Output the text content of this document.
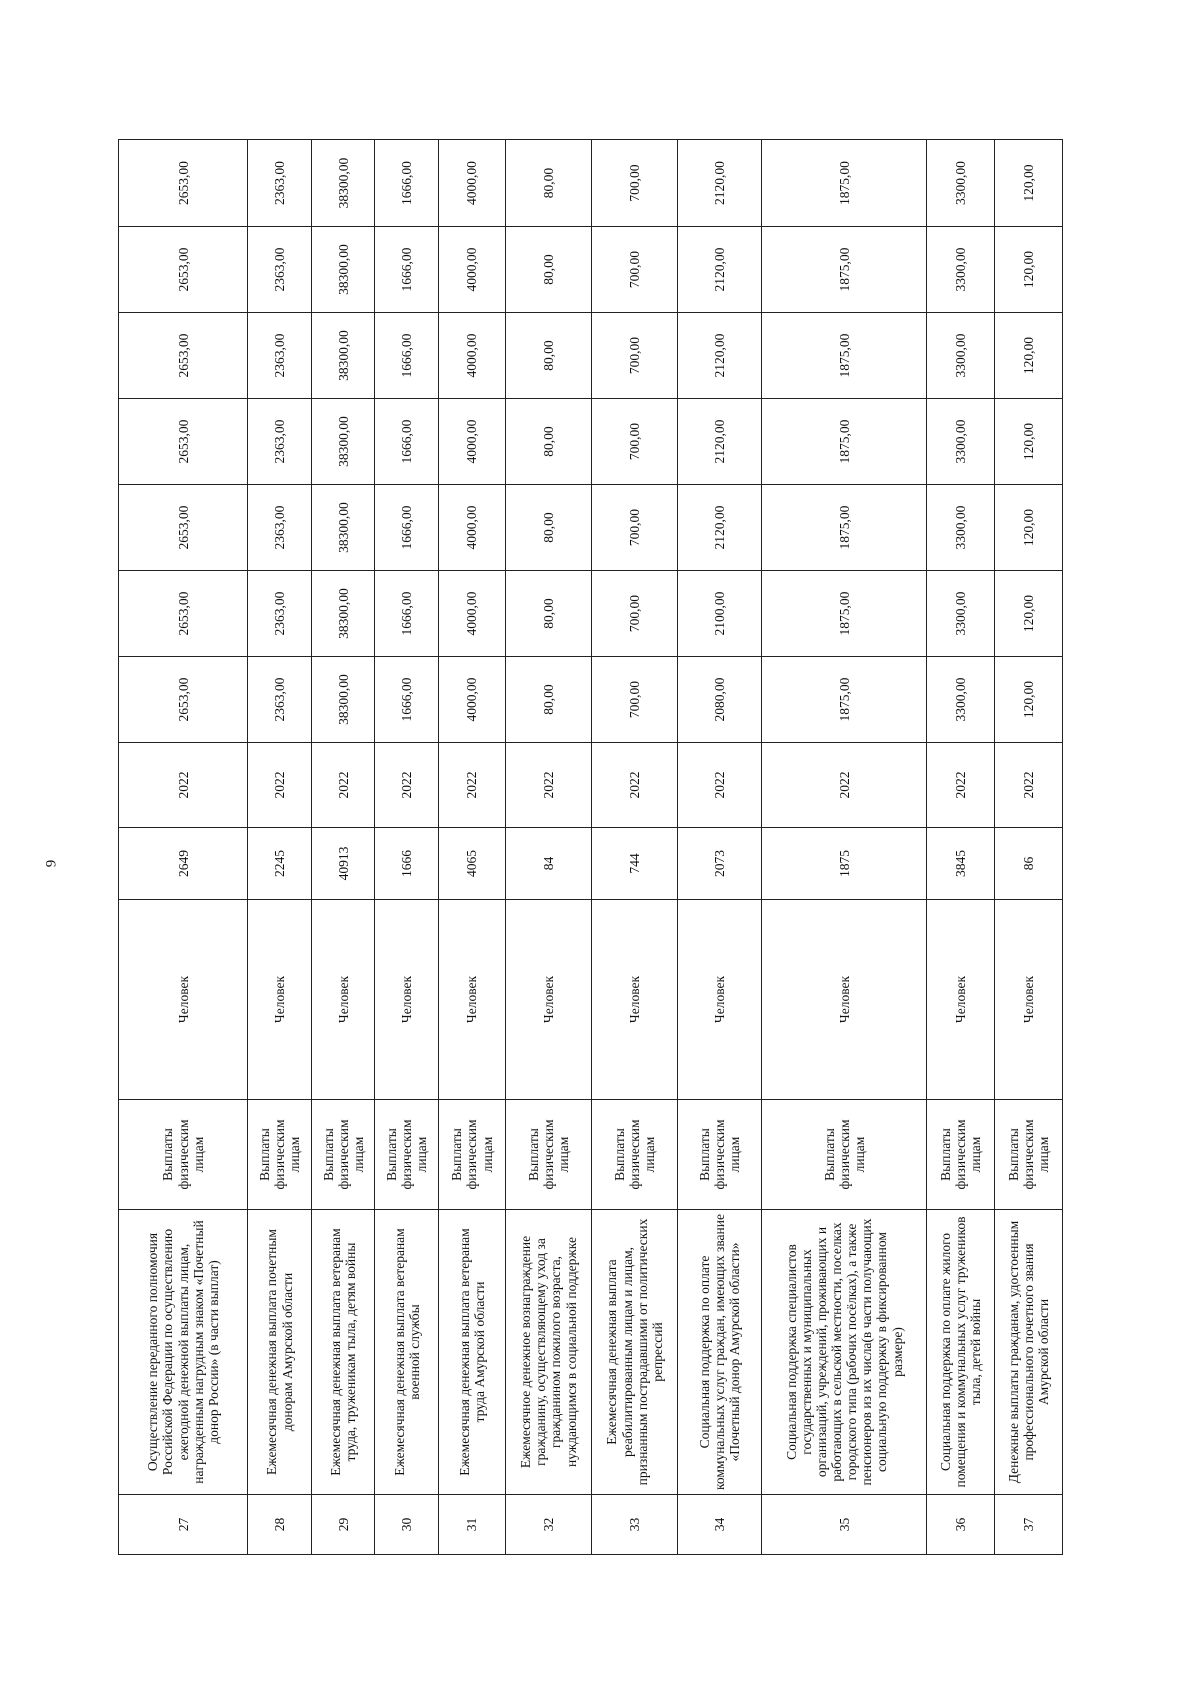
9
27	Осуществление переданного полномочия Российской Федерации по осуществлению ежегодной денежной выплаты лицам, награжденным нагрудным знаком «Почетный донор России» (в части выплат)	Выплаты физическим лицам	Человек	2649	2022	2653,00	2653,00	2653,00	2653,00	2653,00	2653,00	2653,00
28	Ежемесячная денежная выплата почетным донорам Амурской области	Выплаты физическим лицам	Человек	2245	2022	2363,00	2363,00	2363,00	2363,00	2363,00	2363,00	2363,00
29	Ежемесячная денежная выплата ветеранам труда, труженикам тыла, детям войны	Выплаты физическим лицам	Человек	40913	2022	38300,00	38300,00	38300,00	38300,00	38300,00	38300,00	38300,00
30	Ежемесячная денежная выплата ветеранам военной службы	Выплаты физическим лицам	Человек	1666	2022	1666,00	1666,00	1666,00	1666,00	1666,00	1666,00	1666,00
31	Ежемесячная денежная выплата ветеранам труда Амурской области	Выплаты физическим лицам	Человек	4065	2022	4000,00	4000,00	4000,00	4000,00	4000,00	4000,00	4000,00
32	Ежемесячное денежное вознаграждение гражданину, осуществляющему уход за гражданином пожилого возраста, нуждающимся в социальной поддержке	Выплаты физическим лицам	Человек	84	2022	80,00	80,00	80,00	80,00	80,00	80,00	80,00
33	Ежемесячная денежная выплата реабилитированным лицам и лицам, признанным пострадавшими от политических репрессий	Выплаты физическим лицам	Человек	744	2022	700,00	700,00	700,00	700,00	700,00	700,00	700,00
34	Социальная поддержка по оплате коммунальных услуг граждан, имеющих звание «Почетный донор Амурской области»	Выплаты физическим лицам	Человек	2073	2022	2080,00	2100,00	2120,00	2120,00	2120,00	2120,00	2120,00
35	Социальная поддержка специалистов государственных и муниципальных организаций, учреждений, проживающих и работающих в сельской местности, поселках городского типа (рабочих посёлках), а также пенсионеров из их числа(в части получающих социальную поддержку в фиксированном размере)	Выплаты физическим лицам	Человек	1875	2022	1875,00	1875,00	1875,00	1875,00	1875,00	1875,00	1875,00
36	Социальная поддержка по оплате жилого помещения и коммунальных услуг тружеников тыла, детей войны	Выплаты физическим лицам	Человек	3845	2022	3300,00	3300,00	3300,00	3300,00	3300,00	3300,00	3300,00
37	Денежные выплаты гражданам, удостоенным профессионального почетного звания Амурской области	Выплаты физическим лицам	Человек	86	2022	120,00	120,00	120,00	120,00	120,00	120,00	120,00
